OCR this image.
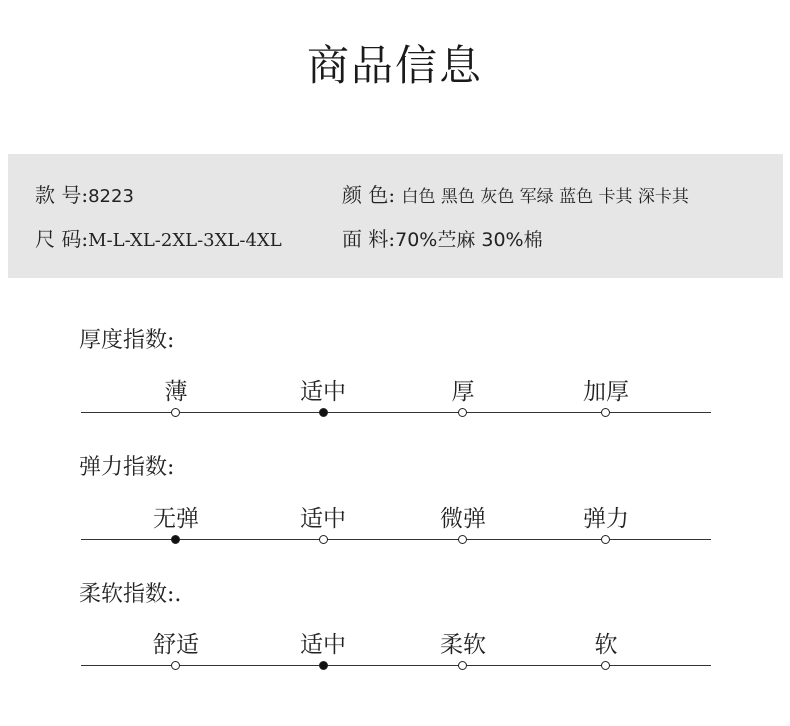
商品信息
款 号:8223	颜 色: 白色 黑色 灰色 军绿 蓝色 卡其 深卡其
尺 码:M-L-XL-2XL-3XL-4XL	面 料:70%苎麻 30%棉
厚度指数:
薄	适中	厚	加厚
弹力指数:
无弹	适中	微弹	弹力
柔软指数:.
舒适	适中	柔软	软
